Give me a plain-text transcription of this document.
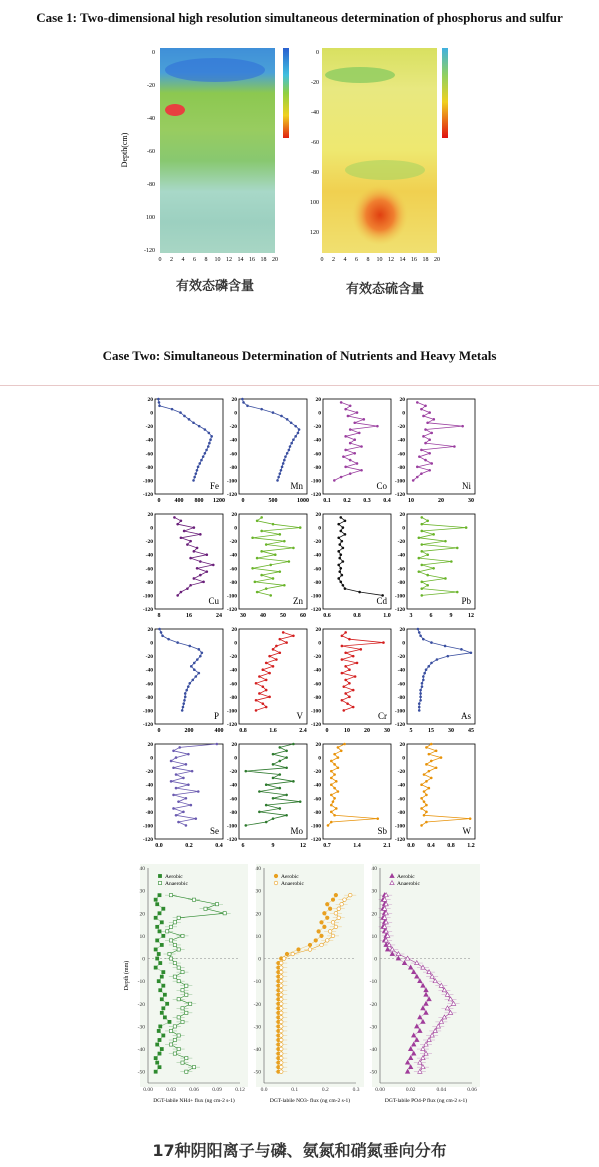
Case 1: Two-dimensional high resolution simultaneous determination of phosphorus and sulfur
Depth(cm)
0
-20
-40
-60
-80
100
-120
0 2 4 6 8 10 12 14 16 18 20
0
-20
-40
-60
-80
100
120
0 2 4 6 8 10 12 14 16 18 20
有效态磷含量	有效态硫含量
Case Two: Simultaneous Determination of Nutrients and Heavy Metals
20
0
-20
-40
-60
-80
-100
-120
0 400 800 1200
Fe
20
0
-20
-40
-60
-80
-100
-120
0	500	1000
Mn
20
0
-20
-40
-60
-80
-100
-120
0.1 0.2 0.3 0.4
Co
20
0
-20
-40
-60
-80
-100
-120
10	20	30
Ni
20
0
-20
-40
-60
-80
-100
-120
8	16	24
Cu
20
0
-20
-40
-60
-80
-100
-120
30 40 50 60
Zn
20
0
-20
-40
-60
-80
-100
-120
0.6	0.8	1.0
Cd
20
0
-20
-40
-60
-80
-100
-120
3	6	9	12
Pb
20
0
-20
-40
-60
-80
-100
-120
0	200	400
P
20
0
-20
-40
-60
-80
-100
-120
0.8	1.6	2.4
V
20
0
-20
-40
-60
-80
-100
-120
0	10 20 30
Cr
20
0
-20
-40
-60
-80
-100
-120
5	15 30 45
As
20
0
-20
-40
-60
-80
-100
-120
0.0	0.2	0.4
Se
20
0
-20
-40
-60
-80
-100
-120
6	9	12
Mo
20
0
-20
-40
-60
-80
-100
-120
0.7	1.4	2.1
Sb
20
0
-20
-40
-60
-80
-100
-120
0.0 0.4 0.8 1.2
W
40
30
20
10
0
-10
-20
-30
-40
-50
0.00 0.03 0.06 0.09 0.12
Depth (mm)
DGT-labile NH4+ flux (ng cm-2 s-1)
Aerobic
Anaerobic
40
30
20
10
0
-10
-20
-30
-40
-50
0.0	0.1	0.2	0.3
DGT-labile NO3- flux (ng cm-2 s-1)
Aerobic
Anaerobic
40
30
20
10
0
-10
-20
-30
-40
-50
0.00	0.02	0.04	0.06
DGT-labile PO4-P flux (ng cm-2 s-1)
Aerobic
Anaerobic
17种阴阳离子与磷、氨氮和硝氮垂向分布
